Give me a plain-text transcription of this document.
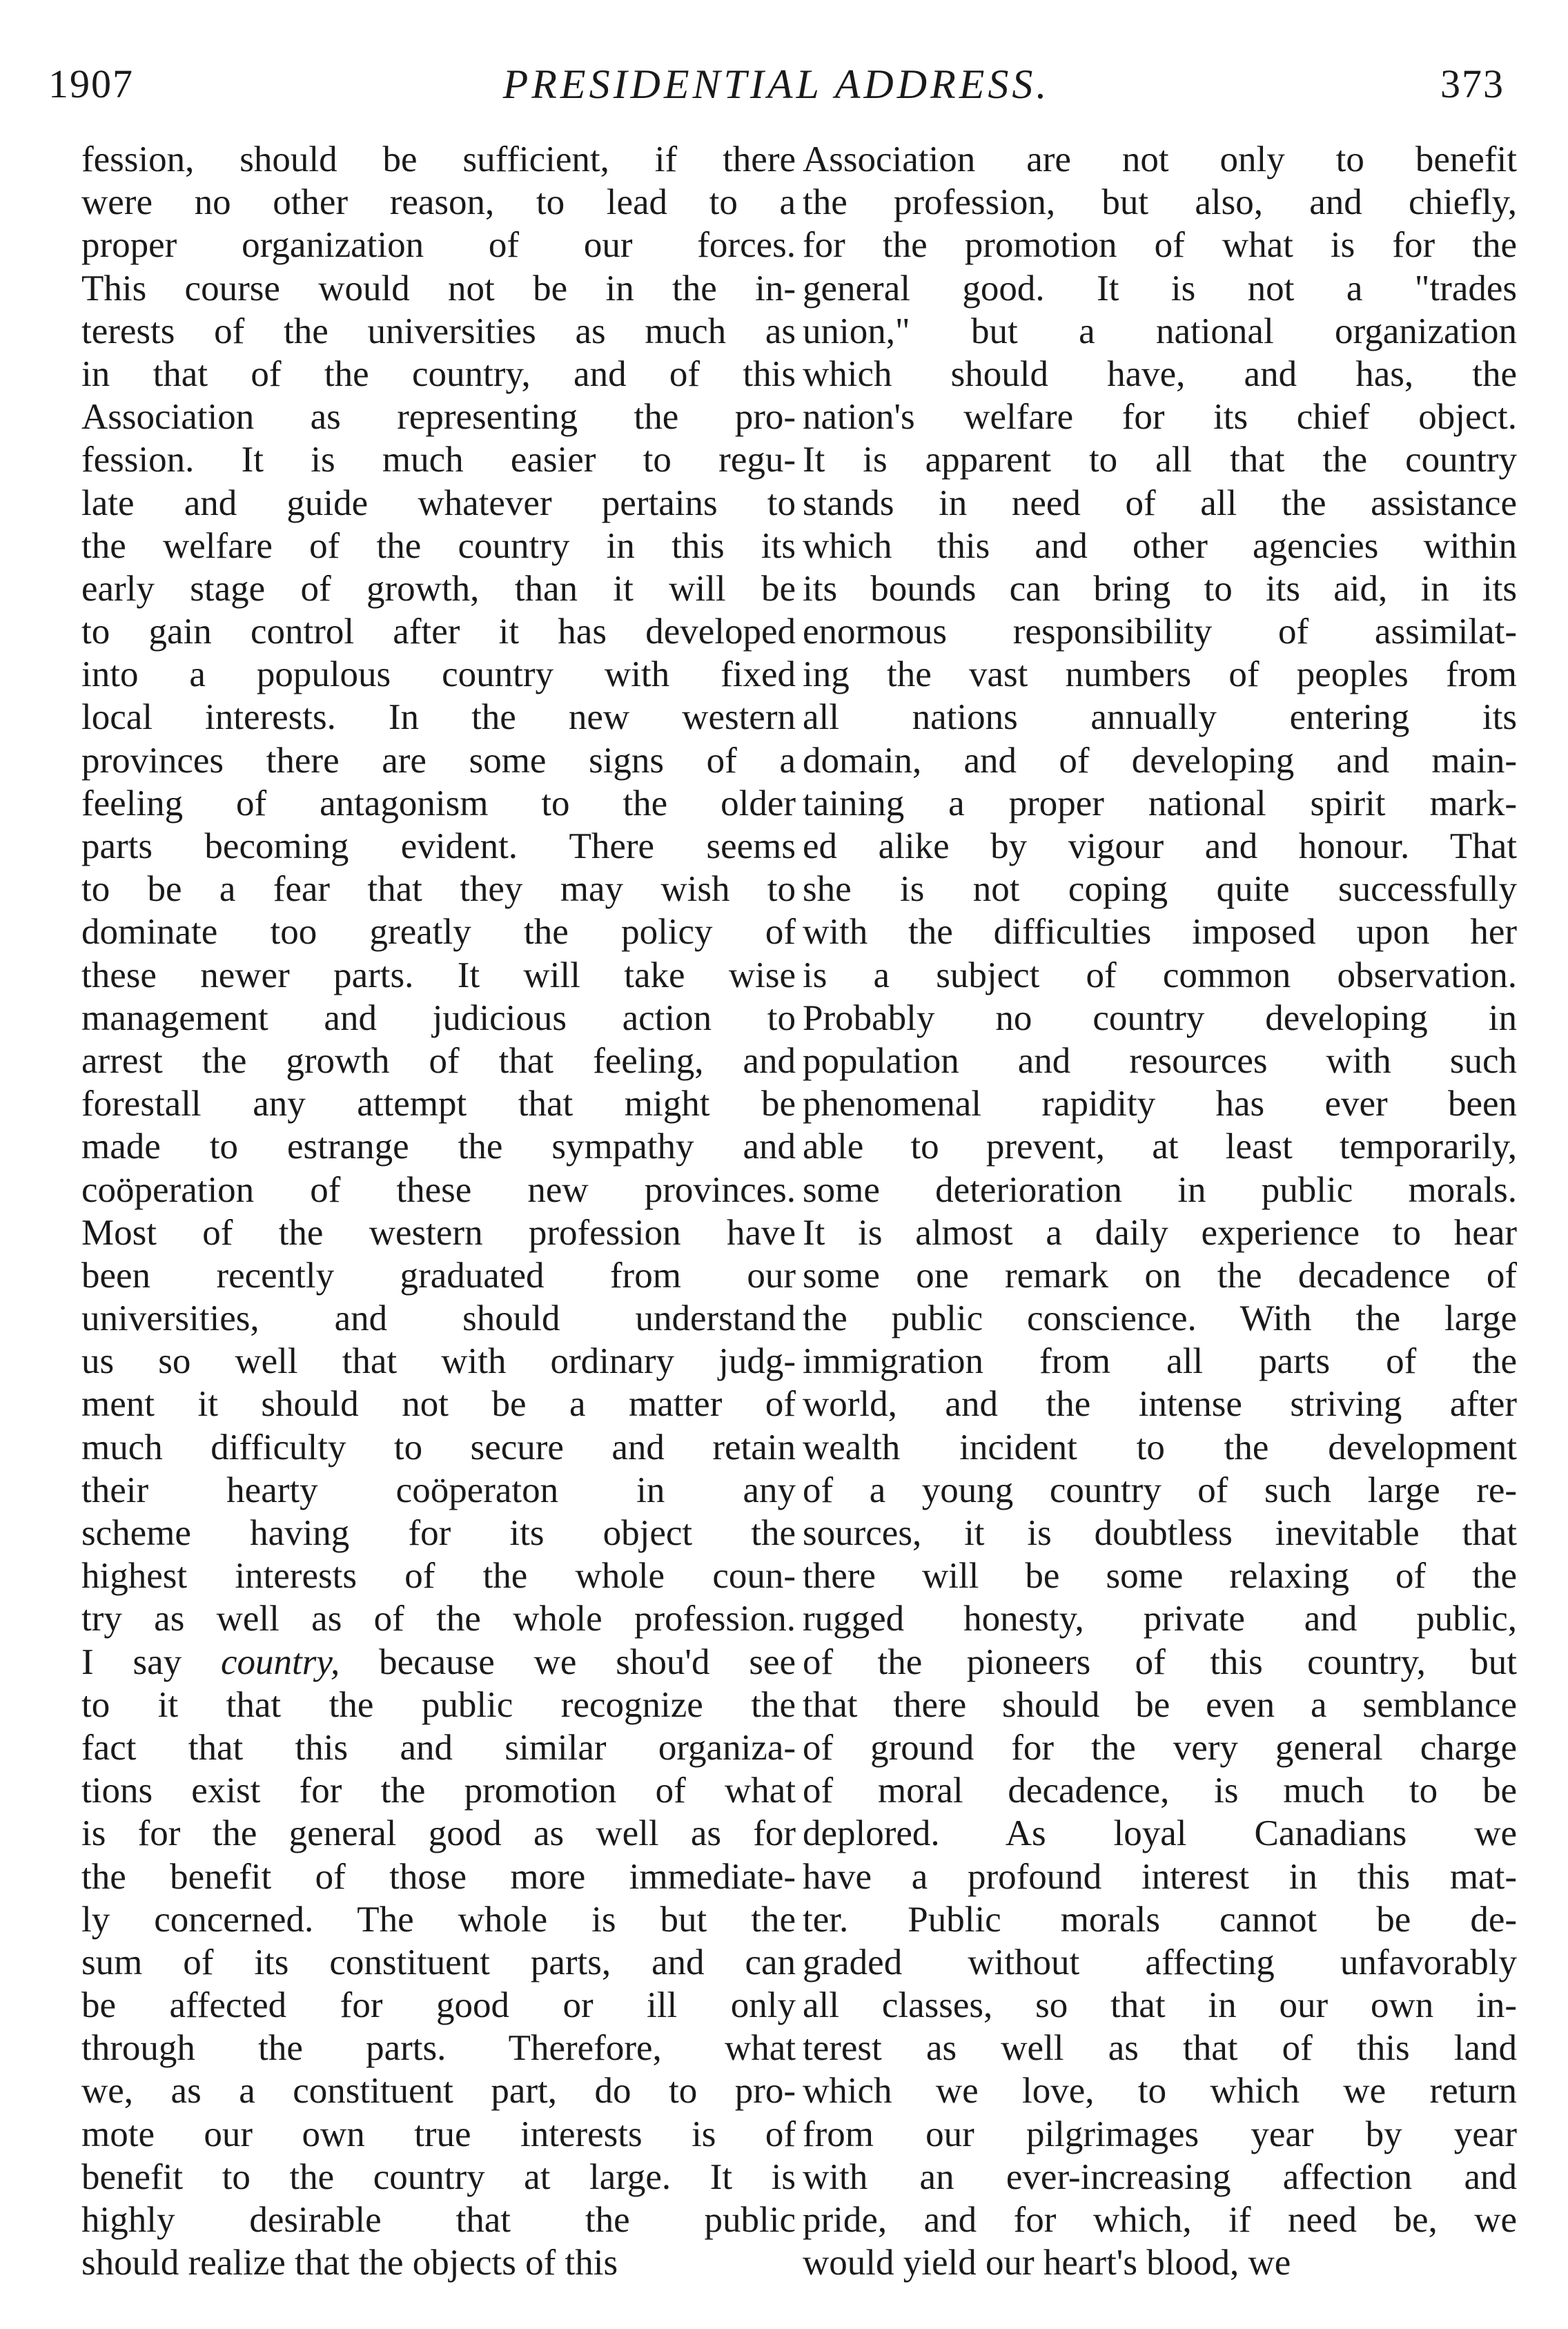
1907	PRESIDENTIAL ADDRESS.	373
fession, should be sufficient, if there
were no other reason, to lead to a
proper organization of our forces.
This course would not be in the in-
terests of the universities as much as
in that of the country, and of this
Association as representing the pro-
fession. It is much easier to regu-
late and guide whatever pertains to
the welfare of the country in this its
early stage of growth, than it will be
to gain control after it has developed
into a populous country with fixed
local interests. In the new western
provinces there are some signs of a
feeling of antagonism to the older
parts becoming evident. There seems
to be a fear that they may wish to
dominate too greatly the policy of
these newer parts. It will take wise
management and judicious action to
arrest the growth of that feeling, and
forestall any attempt that might be
made to estrange the sympathy and
coöperation of these new provinces.
Most of the western profession have
been recently graduated from our
universities, and should understand
us so well that with ordinary judg-
ment it should not be a matter of
much difficulty to secure and retain
their hearty coöperaton in any
scheme having for its object the
highest interests of the whole coun-
try as well as of the whole profession.
I say country, because we shou'd see
to it that the public recognize the
fact that this and similar organiza-
tions exist for the promotion of what
is for the general good as well as for
the benefit of those more immediate-
ly concerned. The whole is but the
sum of its constituent parts, and can
be affected for good or ill only
through the parts. Therefore, what
we, as a constituent part, do to pro-
mote our own true interests is of
benefit to the country at large. It is
highly desirable that the public
should realize that the objects of this
Association are not only to benefit
the profession, but also, and chiefly,
for the promotion of what is for the
general good. It is not a "trades
union," but a national organization
which should have, and has, the
nation's welfare for its chief object.
It is apparent to all that the country
stands in need of all the assistance
which this and other agencies within
its bounds can bring to its aid, in its
enormous responsibility of assimilat-
ing the vast numbers of peoples from
all nations annually entering its
domain, and of developing and main-
taining a proper national spirit mark-
ed alike by vigour and honour. That
she is not coping quite successfully
with the difficulties imposed upon her
is a subject of common observation.
Probably no country developing in
population and resources with such
phenomenal rapidity has ever been
able to prevent, at least temporarily,
some deterioration in public morals.
It is almost a daily experience to hear
some one remark on the decadence of
the public conscience. With the large
immigration from all parts of the
world, and the intense striving after
wealth incident to the development
of a young country of such large re-
sources, it is doubtless inevitable that
there will be some relaxing of the
rugged honesty, private and public,
of the pioneers of this country, but
that there should be even a semblance
of ground for the very general charge
of moral decadence, is much to be
deplored. As loyal Canadians we
have a profound interest in this mat-
ter. Public morals cannot be de-
graded without affecting unfavorably
all classes, so that in our own in-
terest as well as that of this land
which we love, to which we return
from our pilgrimages year by year
with an ever-increasing affection and
pride, and for which, if need be, we
would yield our heart's blood, we
